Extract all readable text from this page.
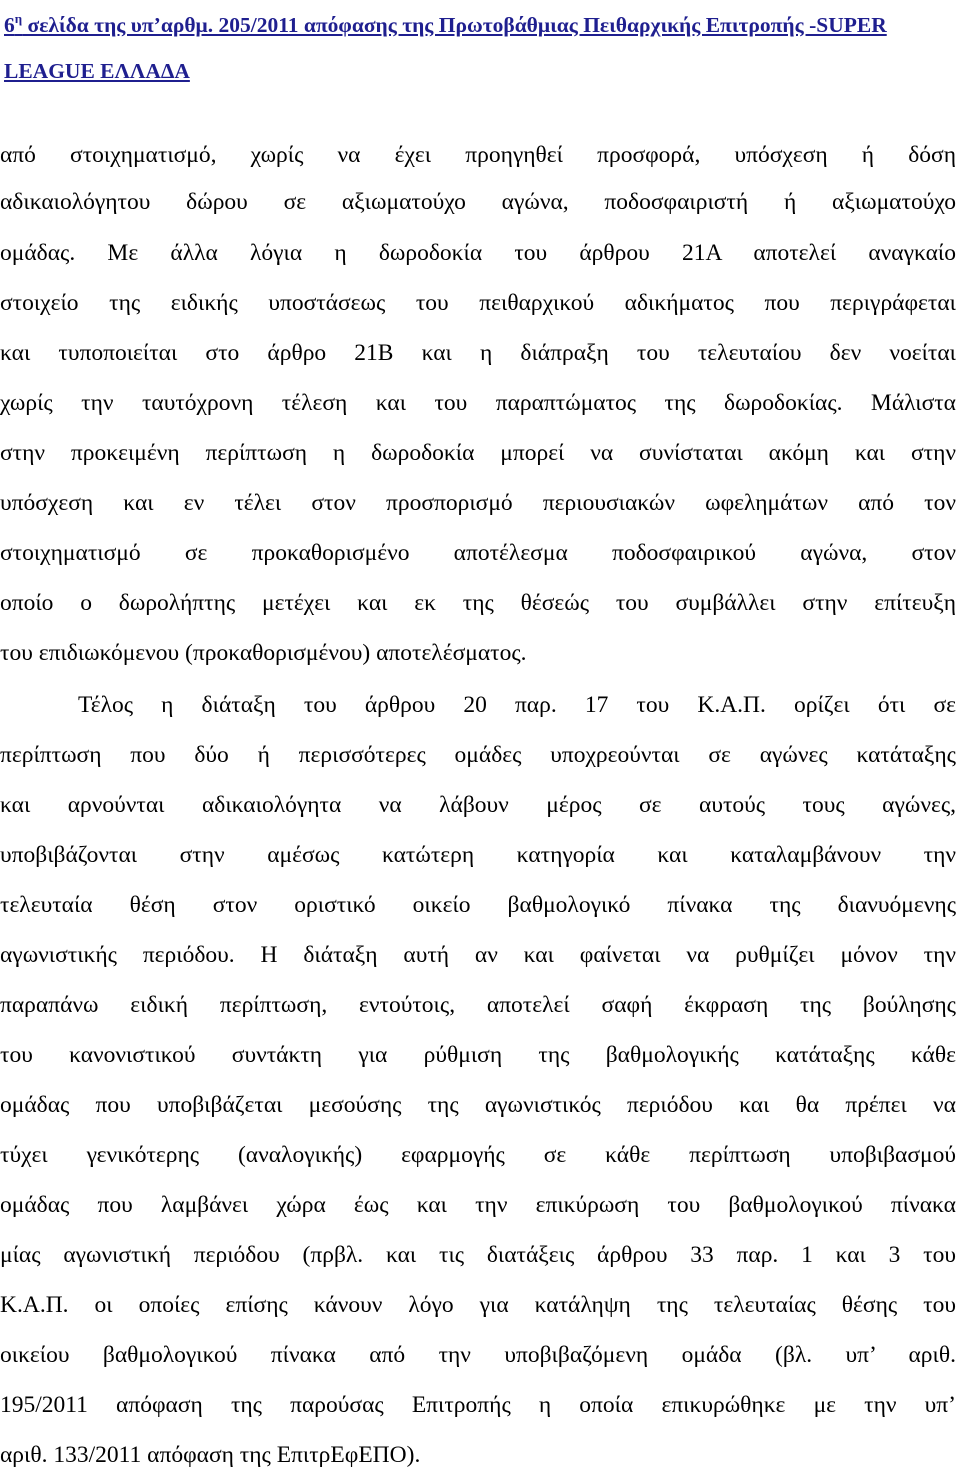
$6^\eta$ σελίδα της υπ’αρθμ. 205/2011 απόφασης της Πρωτοβάθμιας Πειθαρχικής Επιτροπής -SUPER
LEAGUE ΕΛΛΑΔΑ
από στοιχηματισμό, χωρίς να έχει προηγηθεί προσφορά, υπόσχεση ή δόση
αδικαιολόγητου δώρου σε αξιωματούχο αγώνα, ποδοσφαιριστή ή αξιωματούχο
ομάδας. Με άλλα λόγια η δωροδοκία του άρθρου 21Α αποτελεί αναγκαίο
στοιχείο της ειδικής υποστάσεως του πειθαρχικού αδικήματος που περιγράφεται
και τυποποιείται στο άρθρο 21Β και η διάπραξη του τελευταίου δεν νοείται
χωρίς την ταυτόχρονη τέλεση και του παραπτώματος της δωροδοκίας. Μάλιστα
στην προκειμένη περίπτωση η δωροδοκία μπορεί να συνίσταται ακόμη και στην
υπόσχεση και εν τέλει στον προσπορισμό περιουσιακών ωφελημάτων από τον
στοιχηματισμό σε προκαθορισμένο αποτέλεσμα ποδοσφαιρικού αγώνα, στον
οποίο ο δωρολήπτης μετέχει και εκ της θέσεώς του συμβάλλει στην επίτευξη
του επιδιωκόμενου (προκαθορισμένου) αποτελέσματος.
Τέλος η διάταξη του άρθρου 20 παρ. 17 του Κ.Α.Π. ορίζει ότι σε
περίπτωση που δύο ή περισσότερες ομάδες υποχρεούνται σε αγώνες κατάταξης
και αρνούνται αδικαιολόγητα να λάβουν μέρος σε αυτούς τους αγώνες,
υποβιβάζονται στην αμέσως κατώτερη κατηγορία και καταλαμβάνουν την
τελευταία θέση στον οριστικό οικείο βαθμολογικό πίνακα της διανυόμενης
αγωνιστικής περιόδου. Η διάταξη αυτή αν και φαίνεται να ρυθμίζει μόνον την
παραπάνω ειδική περίπτωση, εντούτοις, αποτελεί σαφή έκφραση της βούλησης
του κανονιστικού συντάκτη για ρύθμιση της βαθμολογικής κατάταξης κάθε
ομάδας που υποβιβάζεται μεσούσης της αγωνιστικός περιόδου και θα πρέπει να
τύχει γενικότερης (αναλογικής) εφαρμογής σε κάθε περίπτωση υποβιβασμού
ομάδας που λαμβάνει χώρα έως και την επικύρωση του βαθμολογικού πίνακα
μίας αγωνιστική περιόδου (πρβλ. και τις διατάξεις άρθρου 33 παρ. 1 και 3 του
Κ.Α.Π. οι οποίες επίσης κάνουν λόγο για κατάληψη της τελευταίας θέσης του
οικείου βαθμολογικού πίνακα από την υποβιβαζόμενη ομάδα (βλ. υπ’ αριθ.
195/2011 απόφαση της παρούσας Επιτροπής η οποία επικυρώθηκε με την υπ’
αριθ. 133/2011 απόφαση της ΕπιτρΕφΕΠΟ).
